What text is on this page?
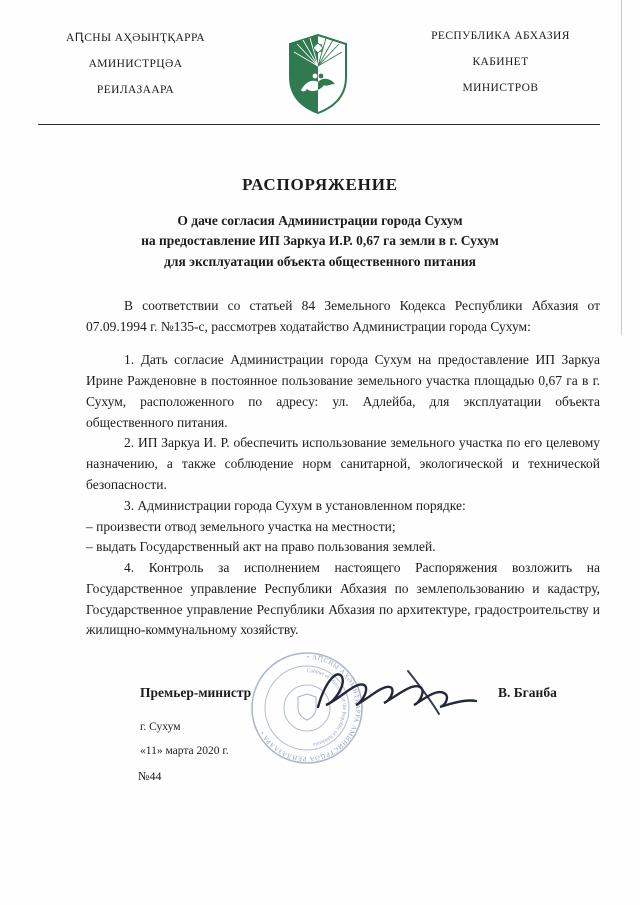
АԤСНЫ АҲӘЫНҬҚАРРА
АМИНИСТРЦӘА
РЕИЛАЗААРА
РЕСПУБЛИКА АБХАЗИЯ
КАБИНЕТ
МИНИСТРОВ
РАСПОРЯЖЕНИЕ
О даче согласия Администрации города Сухум
на предоставление ИП Заркуа И.Р. 0,67 га земли в г. Сухум
для эксплуатации объекта общественного питания

В соответствии со статьей 84 Земельного Кодекса Республики Абхазия от 07.09.1994 г. №135-с, рассмотрев ходатайство Администрации города Сухум:

1. Дать согласие Администрации города Сухум на предоставление ИП Заркуа Ирине Ражденовне в постоянное пользование земельного участка площадью 0,67 га в г. Сухум, расположенного по адресу: ул. Адлейба, для эксплуатации объекта общественного питания.

2. ИП Заркуа И. Р. обеспечить использование земельного участка по его целевому назначению, а также соблюдение норм санитарной, экологической и технической безопасности.

3. Администрации города Сухум в установленном порядке:

– произвести отвод земельного участка на местности;

– выдать Государственный акт на право пользования землей.

4. Контроль за исполнением настоящего Распоряжения возложить на Государственное управление Республики Абхазия по землепользованию и кадастру, Государственное управление Республики Абхазия по архитектуре, градостроительству и жилищно-коммунальному хозяйству.

• АԤСНЫ АҲӘЫНҬҚАРРА АМИНИСТРЦӘА РЕИЛАЗААРА •
Cabinet of Ministers of the Republic of Abkhazia
Премьер-министр	В. Бганба
г. Сухум
«11» марта 2020 г.
№44
